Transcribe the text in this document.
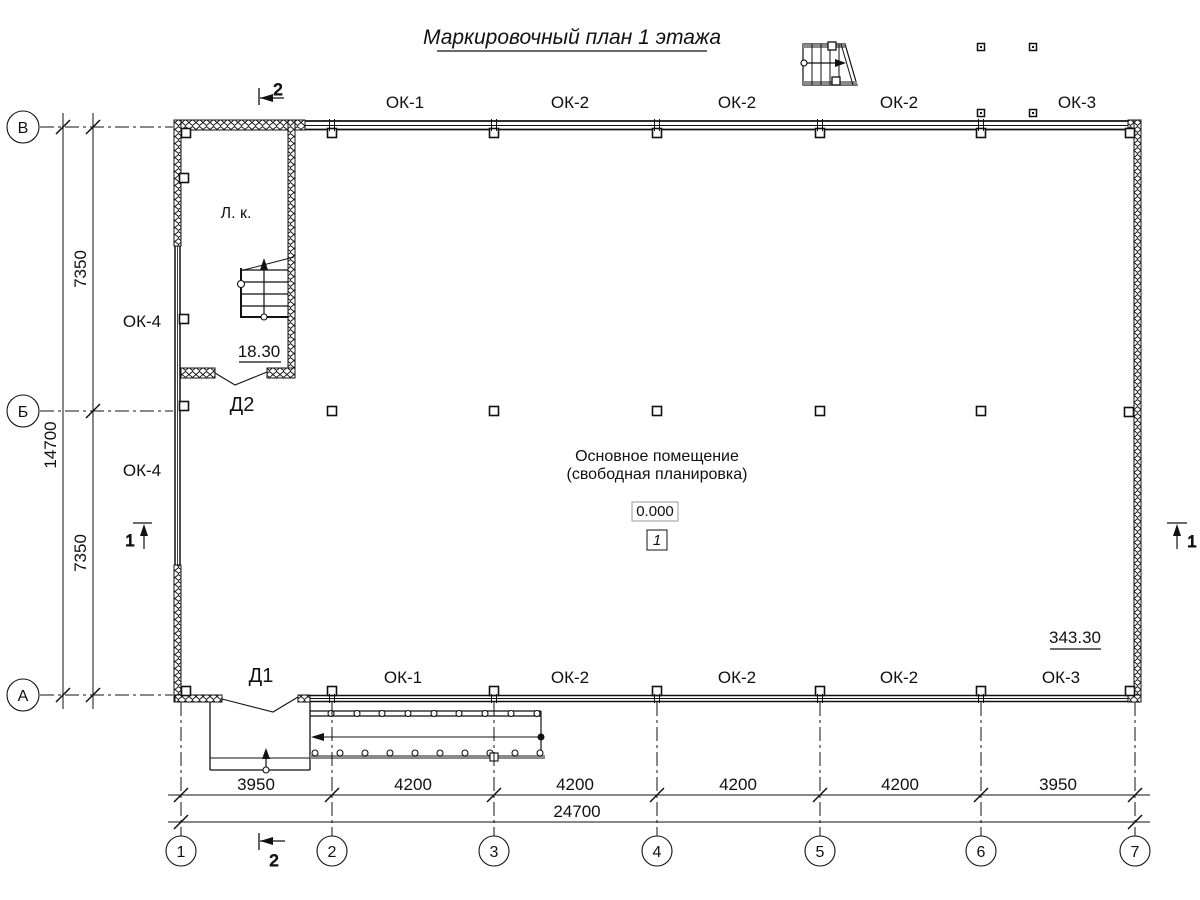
Маркировочный план 1 этажа
7350
7350
14700
В
Б
А
2
2
1	1
ОК-1	ОК-2	ОК-2	ОК-2	ОК-3
ОК-1	ОК-2	ОК-2	ОК-2	ОК-3
ОК-4
ОК-4
Д2
Д1
Л. к.
18.30
Основное помещение
(свободная планировка)
0.000
1
343.30
3950	4200	4200	4200	4200	3950
24700
1	2	3	4	5	6	7
